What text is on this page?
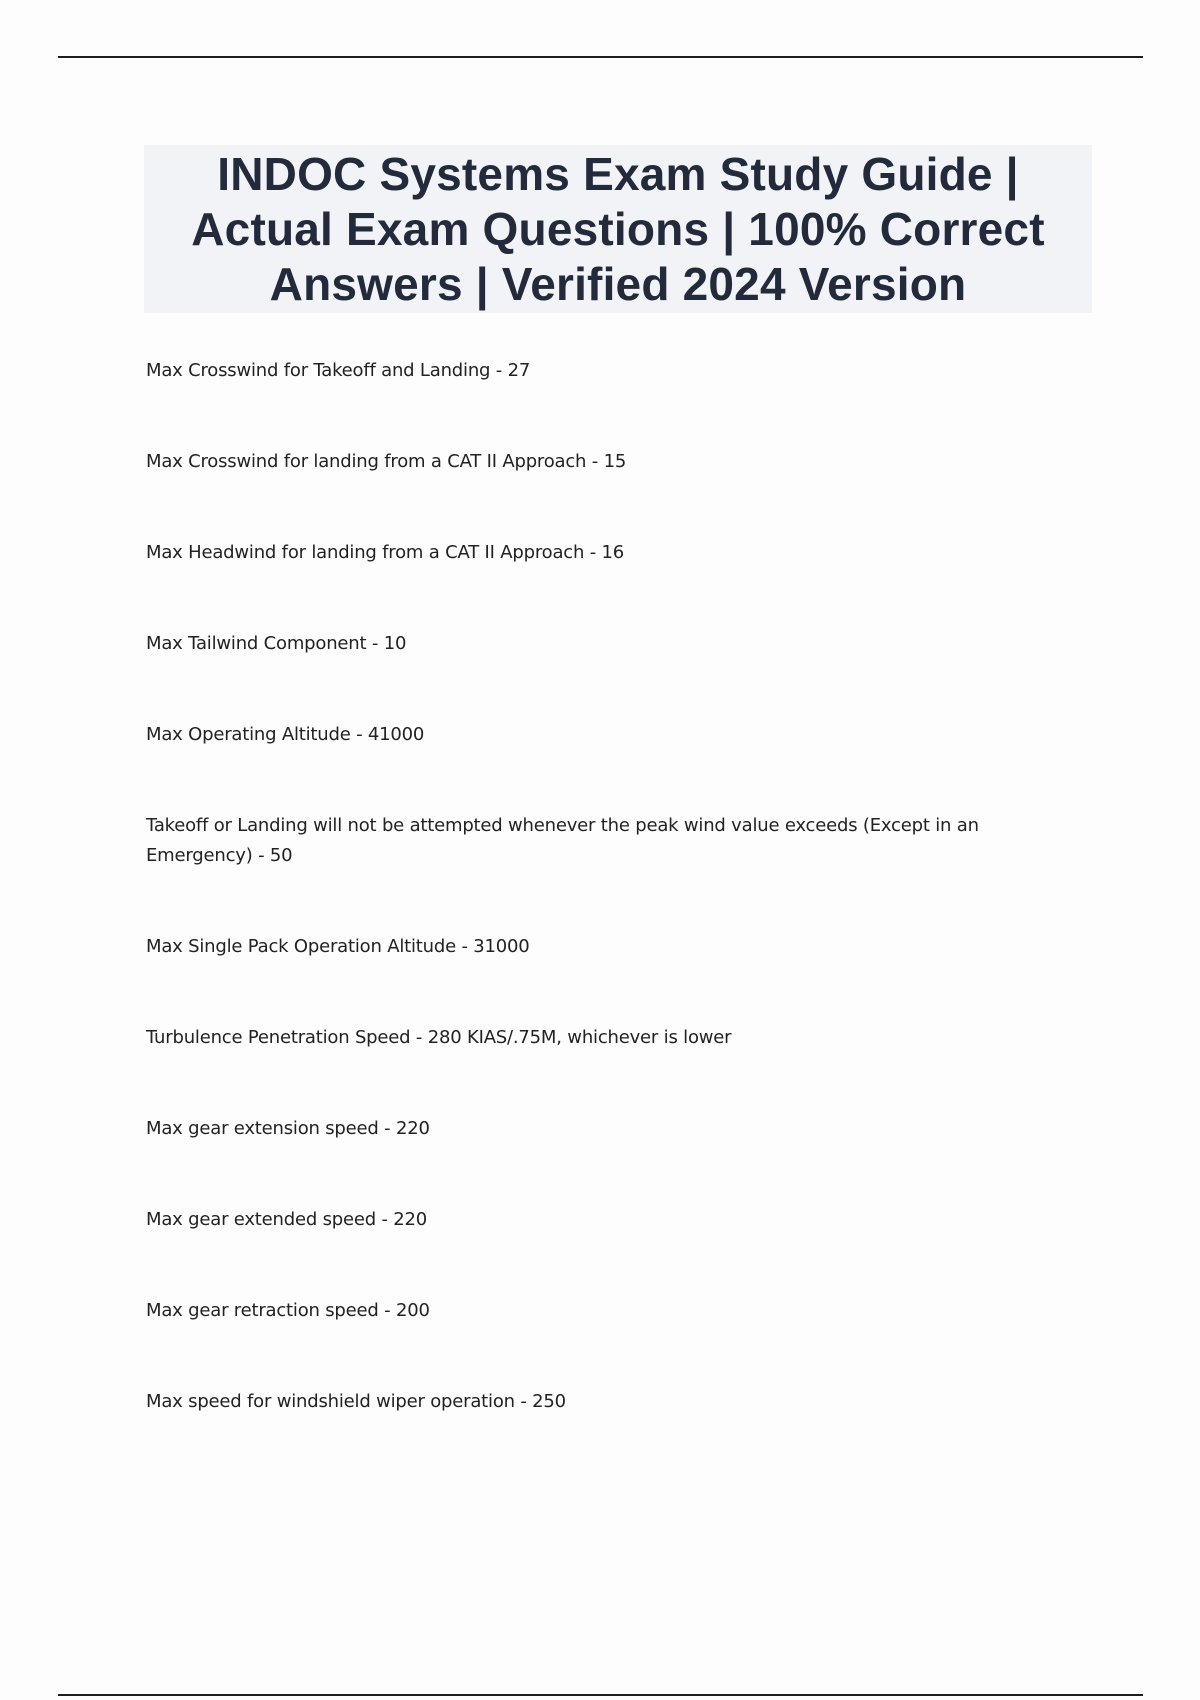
INDOC Systems Exam Study Guide | Actual Exam Questions | 100% Correct Answers | Verified 2024 Version
Max Crosswind for Takeoff and Landing - 27
Max Crosswind for landing from a CAT II Approach - 15
Max Headwind for landing from a CAT II Approach - 16
Max Tailwind Component - 10
Max Operating Altitude - 41000
Takeoff or Landing will not be attempted whenever the peak wind value exceeds (Except in an Emergency) - 50
Max Single Pack Operation Altitude - 31000
Turbulence Penetration Speed - 280 KIAS/.75M, whichever is lower
Max gear extension speed - 220
Max gear extended speed - 220
Max gear retraction speed - 200
Max speed for windshield wiper operation - 250
